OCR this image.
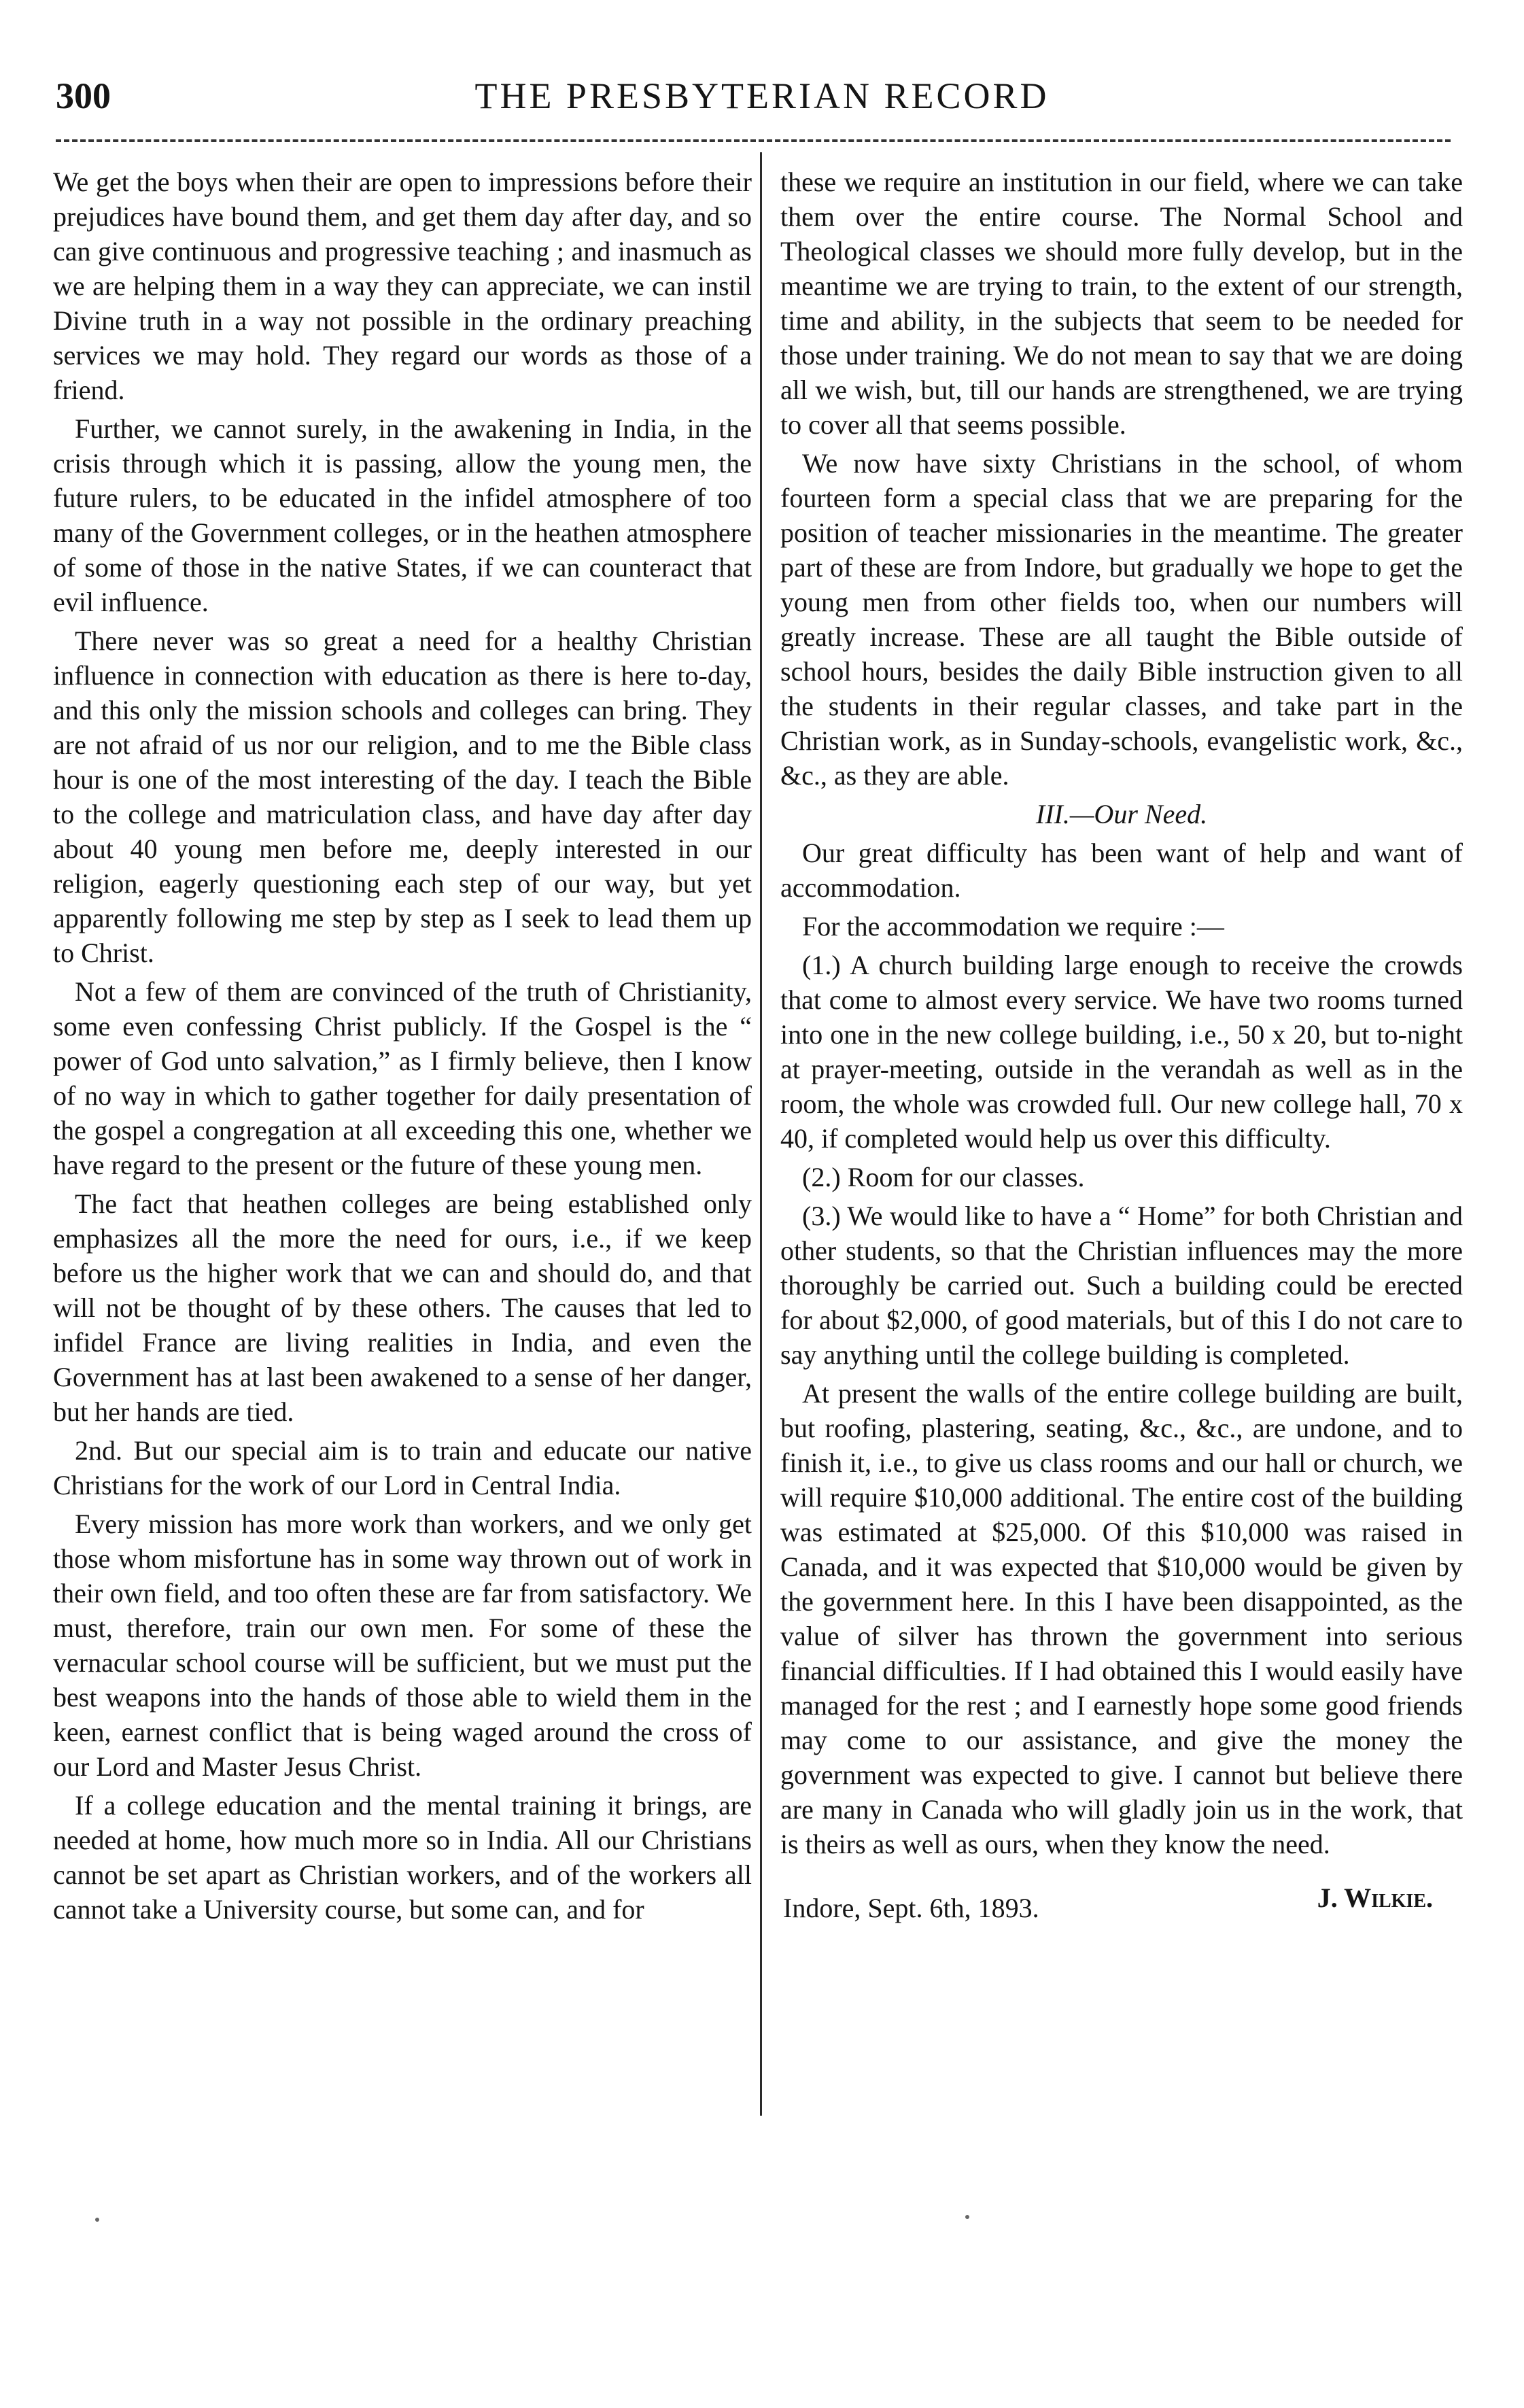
300	THE PRESBYTERIAN RECORD

We get the boys when their are open to impressions before their prejudices have bound them, and get them day after day, and so can give continuous and progressive teaching ; and inasmuch as we are helping them in a way they can appreciate, we can instil Divine truth in a way not possible in the ordinary preaching services we may hold. They regard our words as those of a friend.

Further, we cannot surely, in the awakening in India, in the crisis through which it is passing, allow the young men, the future rulers, to be educated in the infidel atmosphere of too many of the Government colleges, or in the heathen atmosphere of some of those in the native States, if we can counteract that evil influence.

There never was so great a need for a healthy Christian influence in connection with education as there is here to-day, and this only the mission schools and colleges can bring. They are not afraid of us nor our religion, and to me the Bible class hour is one of the most interesting of the day. I teach the Bible to the college and matriculation class, and have day after day about 40 young men before me, deeply interested in our religion, eagerly questioning each step of our way, but yet apparently following me step by step as I seek to lead them up to Christ.

Not a few of them are convinced of the truth of Christianity, some even confessing Christ publicly. If the Gospel is the “ power of God unto salvation,” as I firmly believe, then I know of no way in which to gather together for daily presentation of the gospel a congregation at all exceeding this one, whether we have regard to the present or the future of these young men.

The fact that heathen colleges are being established only emphasizes all the more the need for ours, i.e., if we keep before us the higher work that we can and should do, and that will not be thought of by these others. The causes that led to infidel France are living realities in India, and even the Government has at last been awakened to a sense of her danger, but her hands are tied.

2nd. But our special aim is to train and educate our native Christians for the work of our Lord in Central India.

Every mission has more work than workers, and we only get those whom misfortune has in some way thrown out of work in their own field, and too often these are far from satisfactory. We must, therefore, train our own men. For some of these the vernacular school course will be sufficient, but we must put the best weapons into the hands of those able to wield them in the keen, earnest conflict that is being waged around the cross of our Lord and Master Jesus Christ.

If a college education and the mental training it brings, are needed at home, how much more so in India. All our Christians cannot be set apart as Christian workers, and of the workers all cannot take a University course, but some can, and for

these we require an institution in our field, where we can take them over the entire course. The Normal School and Theological classes we should more fully develop, but in the meantime we are trying to train, to the extent of our strength, time and ability, in the subjects that seem to be needed for those under training. We do not mean to say that we are doing all we wish, but, till our hands are strengthened, we are trying to cover all that seems possible.

We now have sixty Christians in the school, of whom fourteen form a special class that we are preparing for the position of teacher missionaries in the meantime. The greater part of these are from Indore, but gradually we hope to get the young men from other fields too, when our numbers will greatly increase. These are all taught the Bible outside of school hours, besides the daily Bible instruction given to all the students in their regular classes, and take part in the Christian work, as in Sunday-schools, evangelistic work, &c., &c., as they are able.

III.—Our Need.

Our great difficulty has been want of help and want of accommodation.

For the accommodation we require :—

(1.) A church building large enough to receive the crowds that come to almost every service. We have two rooms turned into one in the new college building, i.e., 50 x 20, but to-night at prayer-meeting, outside in the verandah as well as in the room, the whole was crowded full. Our new college hall, 70 x 40, if completed would help us over this difficulty.

(2.) Room for our classes.

(3.) We would like to have a “ Home” for both Christian and other students, so that the Christian influences may the more thoroughly be carried out. Such a building could be erected for about $2,000, of good materials, but of this I do not care to say anything until the college building is completed.

At present the walls of the entire college building are built, but roofing, plastering, seating, &c., &c., are undone, and to finish it, i.e., to give us class rooms and our hall or church, we will require $10,000 additional. The entire cost of the building was estimated at $25,000. Of this $10,000 was raised in Canada, and it was expected that $10,000 would be given by the government here. In this I have been disappointed, as the value of silver has thrown the government into serious financial difficulties. If I had obtained this I would easily have managed for the rest ; and I earnestly hope some good friends may come to our assistance, and give the money the government was expected to give. I cannot but believe there are many in Canada who will gladly join us in the work, that is theirs as well as ours, when they know the need.

J. Wilkie.
Indore, Sept. 6th, 1893.
